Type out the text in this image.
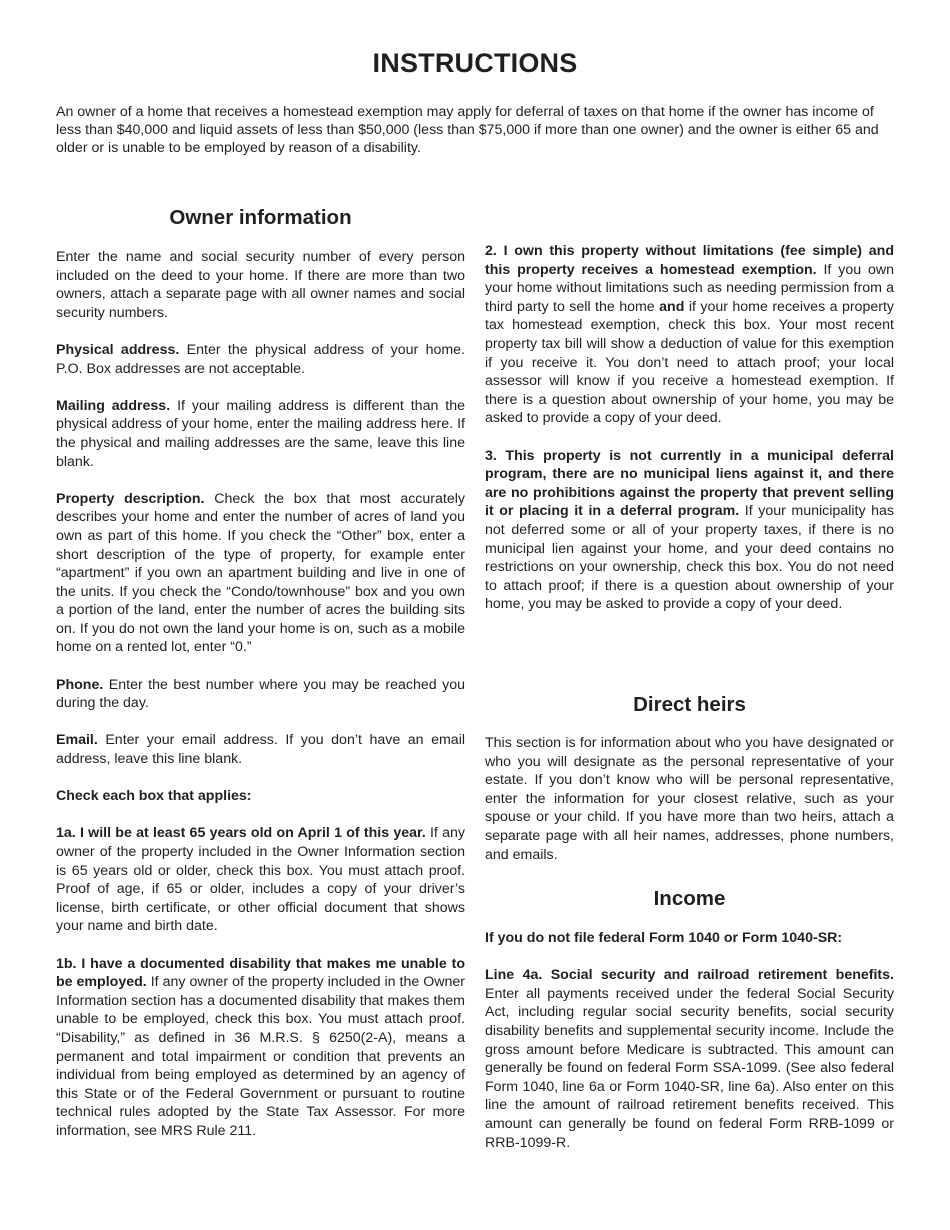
INSTRUCTIONS

An owner of a home that receives a homestead exemption may apply for deferral of taxes on that home if the owner has income of less than $40,000 and liquid assets of less than $50,000 (less than $75,000 if more than one owner) and the owner is either 65 and older or is unable to be employed by reason of a disability.

Owner information

Enter the name and social security number of every person included on the deed to your home. If there are more than two owners, attach a separate page with all owner names and social security numbers.

Physical address. Enter the physical address of your home. P.O. Box addresses are not acceptable.

Mailing address. If your mailing address is different than the physical address of your home, enter the mailing address here. If the physical and mailing addresses are the same, leave this line blank.

Property description. Check the box that most accurately describes your home and enter the number of acres of land you own as part of this home. If you check the “Other” box, enter a short description of the type of property, for example enter “apartment” if you own an apartment building and live in one of the units. If you check the “Condo/townhouse” box and you own a portion of the land, enter the number of acres the building sits on. If you do not own the land your home is on, such as a mobile home on a rented lot, enter “0.”

Phone. Enter the best number where you may be reached you during the day.

Email. Enter your email address. If you don’t have an email address, leave this line blank.

Check each box that applies:

1a. I will be at least 65 years old on April 1 of this year. If any owner of the property included in the Owner Information section is 65 years old or older, check this box. You must attach proof. Proof of age, if 65 or older, includes a copy of your driver’s license, birth certificate, or other official document that shows your name and birth date.

1b. I have a documented disability that makes me unable to be employed. If any owner of the property included in the Owner Information section has a documented disability that makes them unable to be employed, check this box. You must attach proof. “Disability,” as defined in 36 M.R.S. § 6250(2-A), means a permanent and total impairment or condition that prevents an individual from being employed as determined by an agency of this State or of the Federal Government or pursuant to routine technical rules adopted by the State Tax Assessor. For more information, see MRS Rule 211.

2. I own this property without limitations (fee simple) and this property receives a homestead exemption. If you own your home without limitations such as needing permission from a third party to sell the home and if your home receives a property tax homestead exemption, check this box. Your most recent property tax bill will show a deduction of value for this exemption if you receive it. You don’t need to attach proof; your local assessor will know if you receive a homestead exemption. If there is a question about ownership of your home, you may be asked to provide a copy of your deed.

3. This property is not currently in a municipal deferral program, there are no municipal liens against it, and there are no prohibitions against the property that prevent selling it or placing it in a deferral program. If your municipality has not deferred some or all of your property taxes, if there is no municipal lien against your home, and your deed contains no restrictions on your ownership, check this box. You do not need to attach proof; if there is a question about ownership of your home, you may be asked to provide a copy of your deed.

Direct heirs

This section is for information about who you have designated or who you will designate as the personal representative of your estate. If you don’t know who will be personal representative, enter the information for your closest relative, such as your spouse or your child. If you have more than two heirs, attach a separate page with all heir names, addresses, phone numbers, and emails.

Income

If you do not file federal Form 1040 or Form 1040-SR:

Line 4a. Social security and railroad retirement benefits. Enter all payments received under the federal Social Security Act, including regular social security benefits, social security disability benefits and supplemental security income. Include the gross amount before Medicare is subtracted. This amount can generally be found on federal Form SSA-1099. (See also federal Form 1040, line 6a or Form 1040-SR, line 6a). Also enter on this line the amount of railroad retirement benefits received. This amount can generally be found on federal Form RRB-1099 or RRB-1099-R.
